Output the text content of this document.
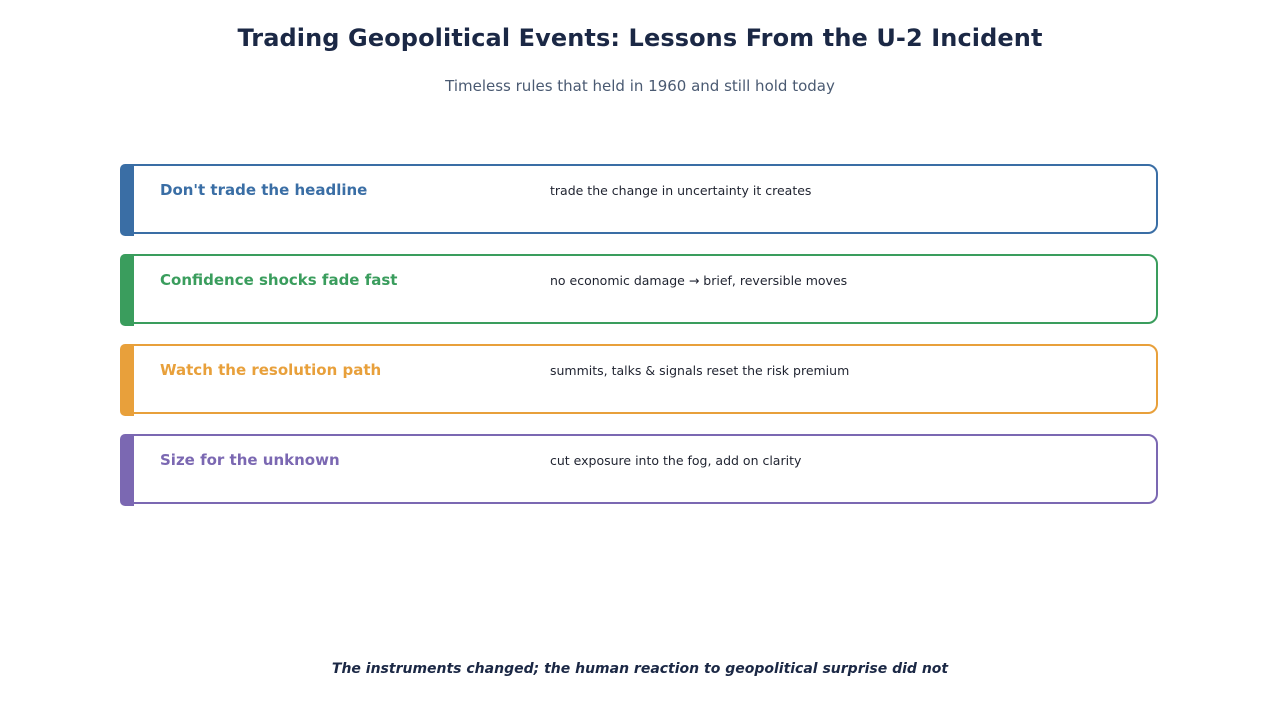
Trading Geopolitical Events: Lessons From the U-2 Incident
Timeless rules that held in 1960 and still hold today
Don't trade the headline	trade the change in uncertainty it creates
Confidence shocks fade fast	no economic damage → brief, reversible moves
Watch the resolution path	summits, talks & signals reset the risk premium
Size for the unknown	cut exposure into the fog, add on clarity
The instruments changed; the human reaction to geopolitical surprise did not
